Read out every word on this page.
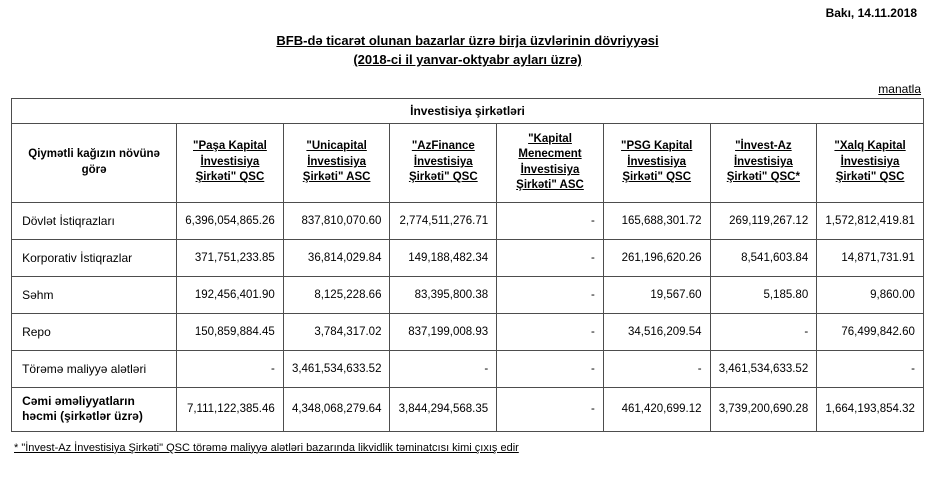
Bakı, 14.11.2018
BFB-də ticarət olunan bazarlar üzrə birja üzvlərinin dövriyyəsi
(2018-ci il yanvar-oktyabr ayları üzrə)
manatla
İnvestisiya şirkətləri							
Qiymətli kağızın növünə görə	"Paşa Kapital İnvestisiya Şirkəti" QSC	"Unicapital İnvestisiya Şirkəti" ASC	"AzFinance İnvestisiya Şirkəti" QSC	"Kapital Menecment İnvestisiya Şirkəti" ASC	"PSG Kapital İnvestisiya Şirkəti" QSC	"İnvest-Az İnvestisiya Şirkəti" QSC*	"Xalq Kapital İnvestisiya Şirkəti" QSC
Dövlət İstiqrazları	6,396,054,865.26	837,810,070.60	2,774,511,276.71	-	165,688,301.72	269,119,267.12	1,572,812,419.81
Korporativ İstiqrazlar	371,751,233.85	36,814,029.84	149,188,482.34	-	261,196,620.26	8,541,603.84	14,871,731.91
Səhm	192,456,401.90	8,125,228.66	83,395,800.38	-	19,567.60	5,185.80	9,860.00
Repo	150,859,884.45	3,784,317.02	837,199,008.93	-	34,516,209.54	-	76,499,842.60
Törəmə maliyyə alətləri	-	3,461,534,633.52	-	-	-	3,461,534,633.52	-
Cəmi əməliyyatların həcmi (şirkətlər üzrə)	7,111,122,385.46	4,348,068,279.64	3,844,294,568.35	-	461,420,699.12	3,739,200,690.28	1,664,193,854.32
* "İnvest-Az İnvestisiya Şirkəti" QSC törəmə maliyyə alətləri bazarında likvidlik təminatcısı kimi çıxış edir
